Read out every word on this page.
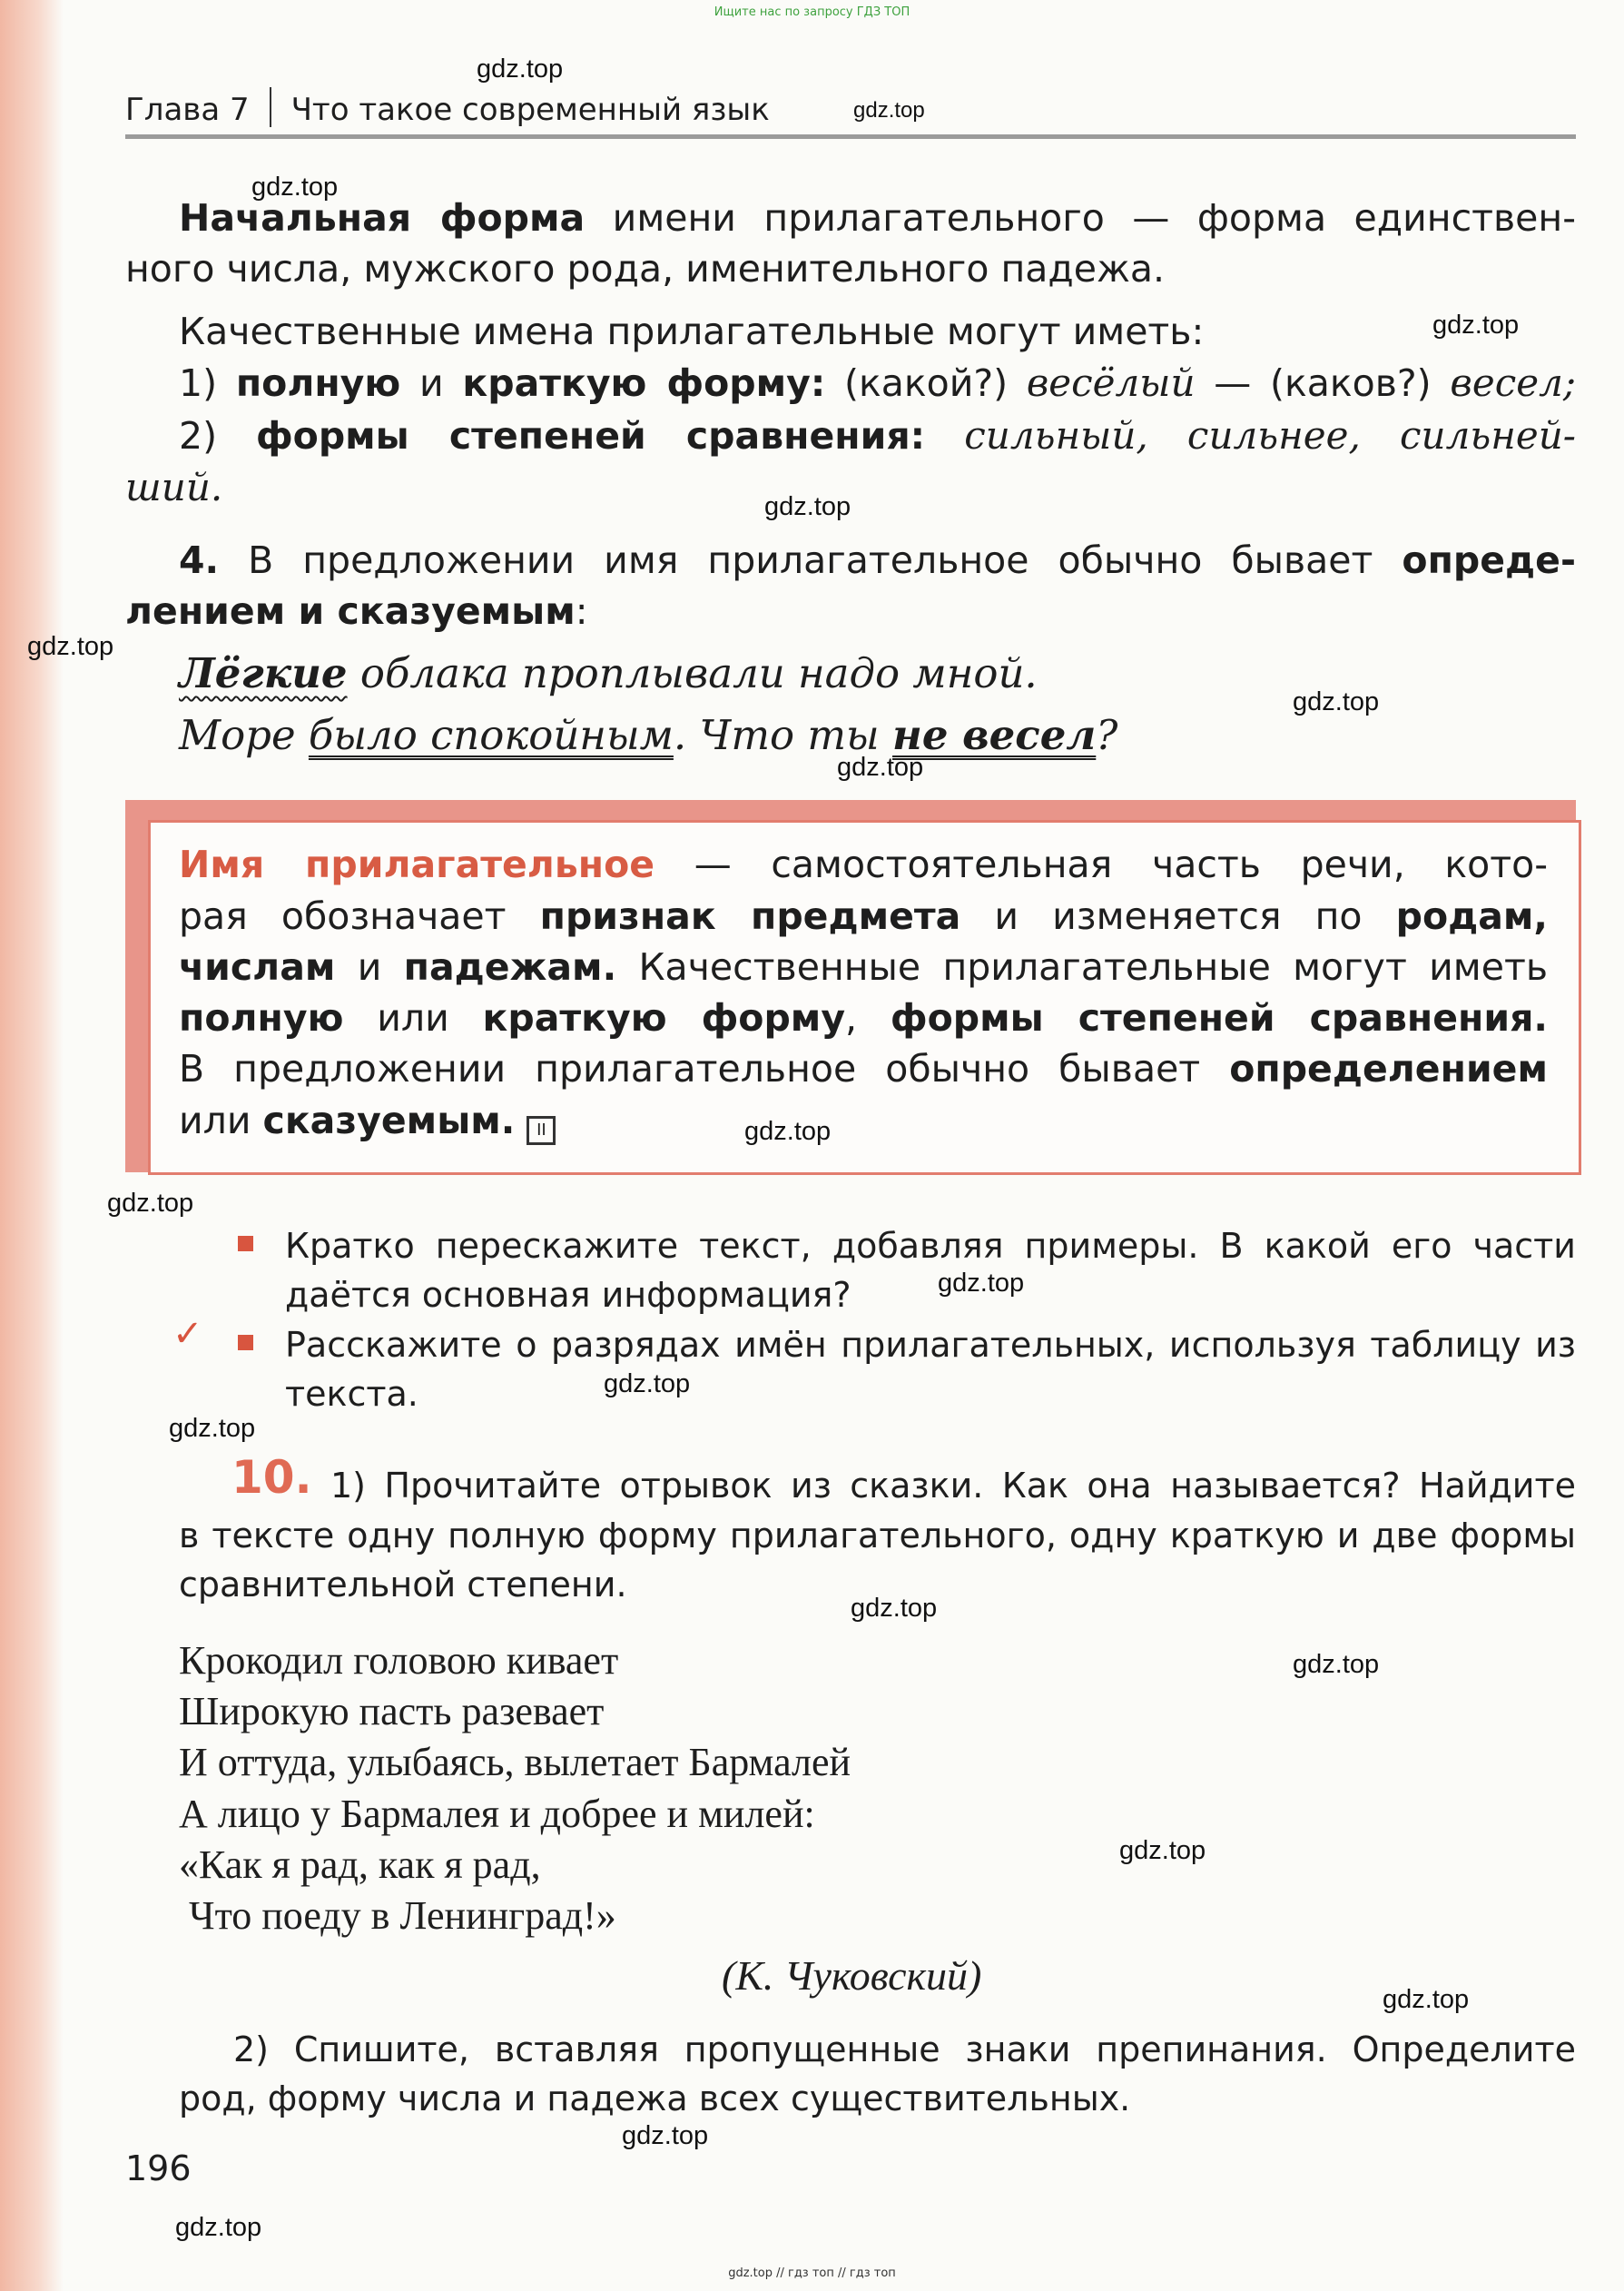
Ищите нас по запросу ГДЗ ТОП
Глава 7 Что такое современный язык
Начальная форма имени прилагательного — форма единствен-
ного числа, мужского рода, именительного падежа.
Качественные имена прилагательные могут иметь:
1) полную и краткую форму: (какой?) весёлый — (каков?) весел;
2) формы степеней сравнения: сильный, сильнее, сильней-
ший.
4. В предложении имя прилагательное обычно бывает опреде-
лением и сказуемым:
Лёгкие облака проплывали надо мной.
Море было спокойным. Что ты не весел?
Имя прилагательное — самостоятельная часть речи, кото-
рая обозначает признак предмета и изменяется по родам,
числам и падежам. Качественные прилагательные могут иметь
полную или краткую форму, формы степеней сравнения.
В предложении прилагательное обычно бывает определением
или сказуемым. II
Кратко перескажите текст, добавляя примеры. В какой его части
даётся основная информация?
✓ Расскажите о разрядах имён прилагательных, используя таблицу из
текста.
10. 1) Прочитайте отрывок из сказки. Как она называется? Найдите
в тексте одну полную форму прилагательного, одну краткую и две формы
сравнительной степени.
Крокодил головою кивает
Широкую пасть разевает
И оттуда, улыбаясь, вылетает Бармалей
А лицо у Бармалея и добрее и милей:
«Как я рад, как я рад,
Что поеду в Ленинград!»
(К. Чуковский)
2) Спишите, вставляя пропущенные знаки препинания. Определите
род, форму числа и падежа всех существительных.
196
gdz.top
gdz.top
gdz.top
gdz.top
gdz.top
gdz.top
gdz.top
gdz.top
gdz.top
gdz.top
gdz.top
gdz.top
gdz.top
gdz.top
gdz.top
gdz.top
gdz.top
gdz.top
gdz.top
gdz.top // гдз топ // гдз топ
